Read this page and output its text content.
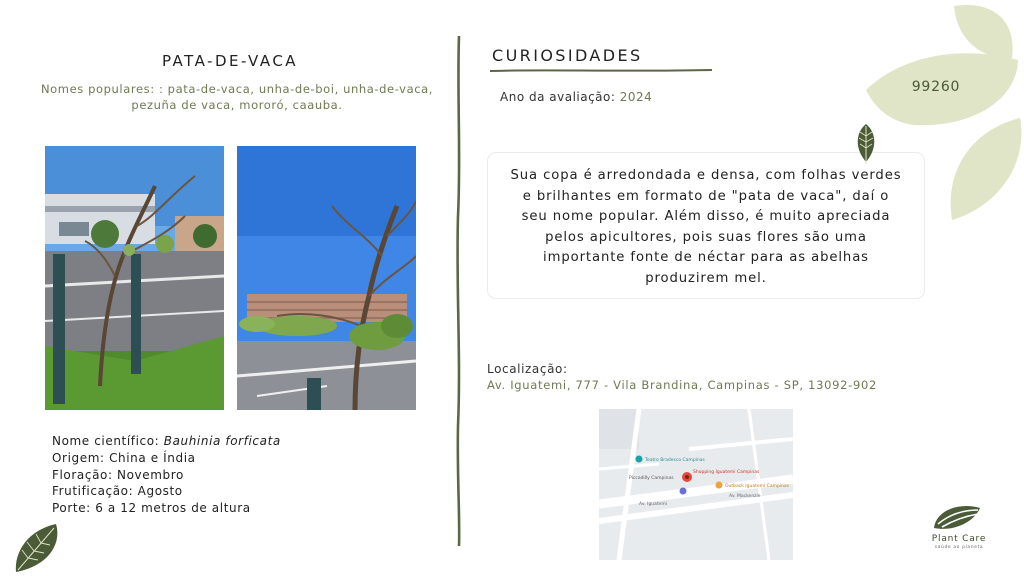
PATA-DE-VACA
Nomes populares: : pata-de-vaca, unha-de-boi, unha-de-vaca, pezuña de vaca, mororó, caauba.
Nome científico: Bauhinia forficata
Origem: China e Índia
Floração: Novembro
Frutificação: Agosto
Porte: 6 a 12 metros de altura
CURIOSIDADES
Ano da avaliação: 2024
Sua copa é arredondada e densa, com folhas verdes e brilhantes em formato de "pata de vaca", daí o seu nome popular. Além disso, é muito apreciada pelos apicultores, pois suas flores são uma importante fonte de néctar para as abelhas produzirem mel.
Localização:
Av. Iguatemi, 777 - Vila Brandina, Campinas - SP, 13092-902
Teatro Bradesco Campinas
Shopping Iguatemi Campinas
Outback Iguatemi Campinas
Piccadilly Campinas
Av. Iguatemi
Av. Mackenzie
99260
Plant Care
saúde ao planeta
